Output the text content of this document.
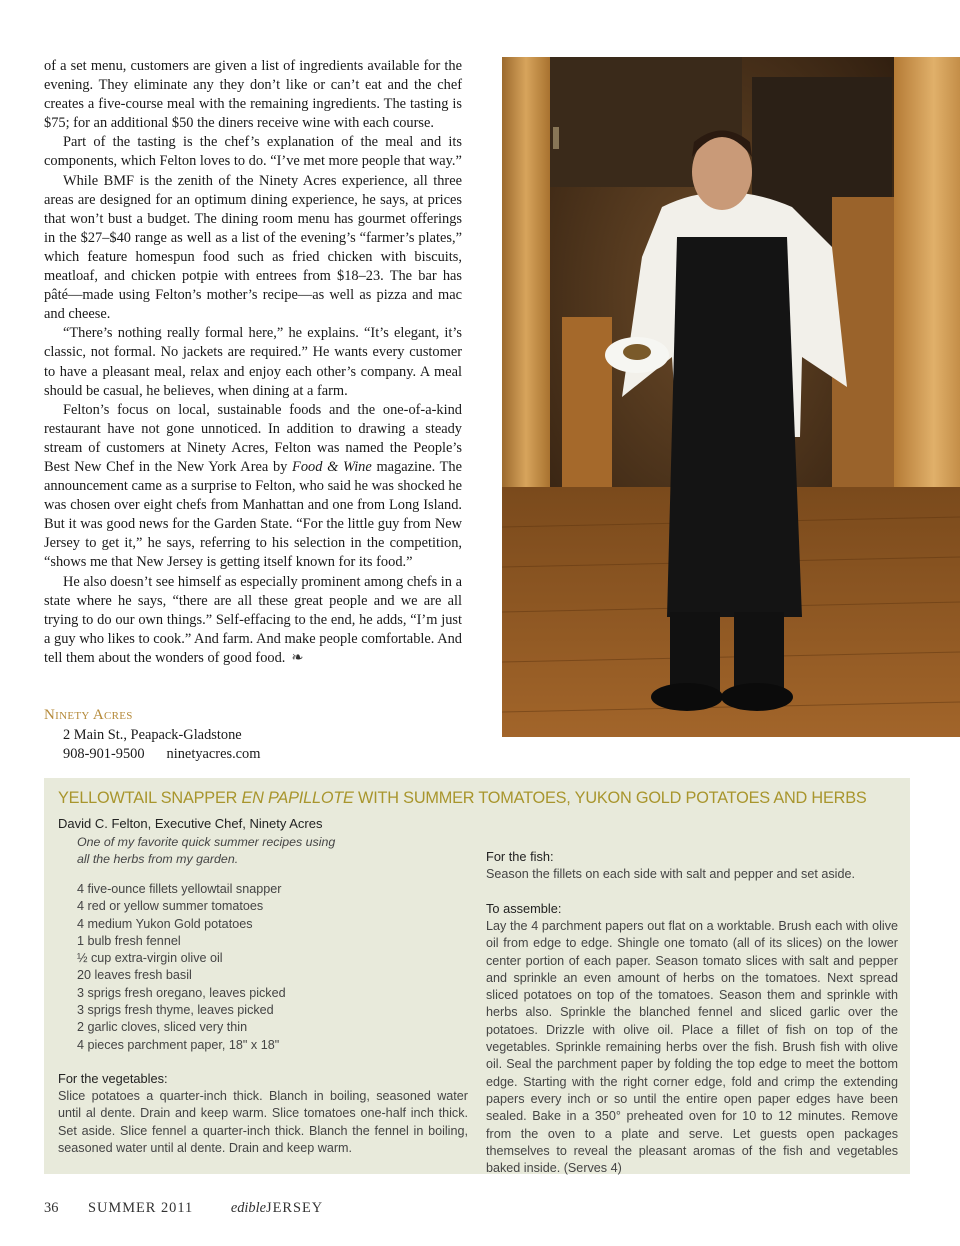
of a set menu, customers are given a list of ingredients available for the evening. They eliminate any they don’t like or can’t eat and the chef creates a five-course meal with the remaining ingredients. The tasting is $75; for an additional $50 the diners receive wine with each course.

Part of the tasting is the chef’s explanation of the meal and its components, which Felton loves to do. “I’ve met more people that way.”

While BMF is the zenith of the Ninety Acres experience, all three areas are designed for an optimum dining experience, he says, at prices that won’t bust a budget. The dining room menu has gourmet offerings in the $27–$40 range as well as a list of the evening’s “farmer’s plates,” which feature homespun food such as fried chicken with biscuits, meatloaf, and chicken potpie with entrees from $18–23. The bar has pâté—made using Felton’s mother’s recipe—as well as pizza and mac and cheese.

“There’s nothing really formal here,” he explains. “It’s elegant, it’s classic, not formal. No jackets are required.” He wants every customer to have a pleasant meal, relax and enjoy each other’s company. A meal should be casual, he believes, when dining at a farm.

Felton’s focus on local, sustainable foods and the one-of-a-kind restaurant have not gone unnoticed. In addition to drawing a steady stream of customers at Ninety Acres, Felton was named the People’s Best New Chef in the New York Area by Food & Wine magazine. The announcement came as a surprise to Felton, who said he was shocked he was chosen over eight chefs from Manhattan and one from Long Island. But it was good news for the Garden State. “For the little guy from New Jersey to get it,” he says, referring to his selection in the competition, “shows me that New Jersey is getting itself known for its food.”

He also doesn’t see himself as especially prominent among chefs in a state where he says, “there are all these great people and we are all trying to do our own things.” Self-effacing to the end, he adds, “I’m just a guy who likes to cook.” And farm. And make people comfortable. And tell them about the wonders of good food. ❧

Ninety Acres
2 Main St., Peapack-Gladstone
908-901-9500 ninetyacres.com
YELLOWTAIL SNAPPER EN PAPILLOTE WITH SUMMER TOMATOES, YUKON GOLD POTATOES AND HERBS
David C. Felton, Executive Chef, Ninety Acres
One of my favorite quick summer recipes using
all the herbs from my garden.
4 five-ounce fillets yellowtail snapper
4 red or yellow summer tomatoes
4 medium Yukon Gold potatoes
1 bulb fresh fennel
½ cup extra-virgin olive oil
20 leaves fresh basil
3 sprigs fresh oregano, leaves picked
3 sprigs fresh thyme, leaves picked
2 garlic cloves, sliced very thin
4 pieces parchment paper, 18" x 18"
For the vegetables:
Slice potatoes a quarter-inch thick. Blanch in boiling, seasoned water until al dente. Drain and keep warm. Slice tomatoes one-half inch thick. Set aside. Slice fennel a quarter-inch thick. Blanch the fennel in boiling, seasoned water until al dente. Drain and keep warm.
For the fish:
Season the fillets on each side with salt and pepper and set aside.
To assemble:
Lay the 4 parchment papers out flat on a worktable. Brush each with olive oil from edge to edge. Shingle one tomato (all of its slices) on the lower center portion of each paper. Season tomato slices with salt and pepper and sprinkle an even amount of herbs on the tomatoes. Next spread sliced potatoes on top of the tomatoes. Season them and sprinkle with herbs also. Sprinkle the blanched fennel and sliced garlic over the potatoes. Drizzle with olive oil. Place a fillet of fish on top of the vegetables. Sprinkle remaining herbs over the fish. Brush fish with olive oil. Seal the parchment paper by folding the top edge to meet the bottom edge. Starting with the right corner edge, fold and crimp the extending papers every inch or so until the entire open paper edges have been sealed. Bake in a 350° preheated oven for 10 to 12 minutes. Remove from the oven to a plate and serve. Let guests open packages themselves to reveal the pleasant aromas of the fish and vegetables baked inside. (Serves 4)
36 SUMMER 2011	edibleJERSEY
